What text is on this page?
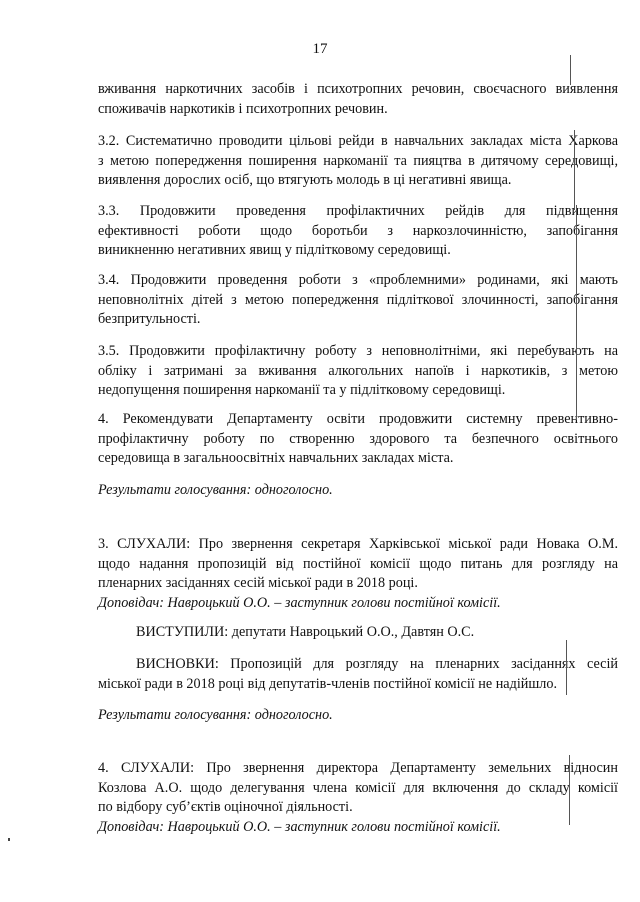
17
вживання наркотичних засобів і психотропних речовин, своєчасного виявлення
споживачів наркотиків і психотропних речовин.
3.2. Систематично проводити цільові рейди в навчальних закладах міста Харкова
з метою попередження поширення наркоманії та пияцтва в дитячому середовищі,
виявлення дорослих осіб, що втягують молодь в ці негативні явища.
3.3. Продовжити проведення профілактичних рейдів для підвищення
ефективності роботи щодо боротьби з наркозлочинністю, запобігання
виникненню негативних явищ у підлітковому середовищі.
3.4. Продовжити проведення роботи з «проблемними» родинами, які мають
неповнолітніх дітей з метою попередження підліткової злочинності, запобігання
безпритульності.
3.5. Продовжити профілактичну роботу з неповнолітніми, які перебувають на
обліку і затримані за вживання алкогольних напоїв і наркотиків, з метою
недопущення поширення наркоманії та у підлітковому середовищі.
4. Рекомендувати Департаменту освіти продовжити системну превентивно-
профілактичну роботу по створенню здорового та безпечного освітнього
середовища в загальноосвітніх навчальних закладах міста.
Результати голосування: одноголосно.
3. СЛУХАЛИ: Про звернення секретаря Харківської міської ради Новака О.М.
щодо надання пропозицій від постійної комісії щодо питань для розгляду на
пленарних засіданнях сесій міської ради в 2018 році.
Доповідач: Навроцький О.О. – заступник голови постійної комісії.
ВИСТУПИЛИ: депутати Навроцький О.О., Давтян О.С.
ВИСНОВКИ: Пропозицій для розгляду на пленарних засіданнях сесій
міської ради в 2018 році від депутатів-членів постійної комісії не надійшло.
Результати голосування: одноголосно.
4. СЛУХАЛИ: Про звернення директора Департаменту земельних відносин
Козлова А.О. щодо делегування члена комісії для включення до складу комісії
по відбору суб’єктів оціночної діяльності.
Доповідач: Навроцький О.О. – заступник голови постійної комісії.
